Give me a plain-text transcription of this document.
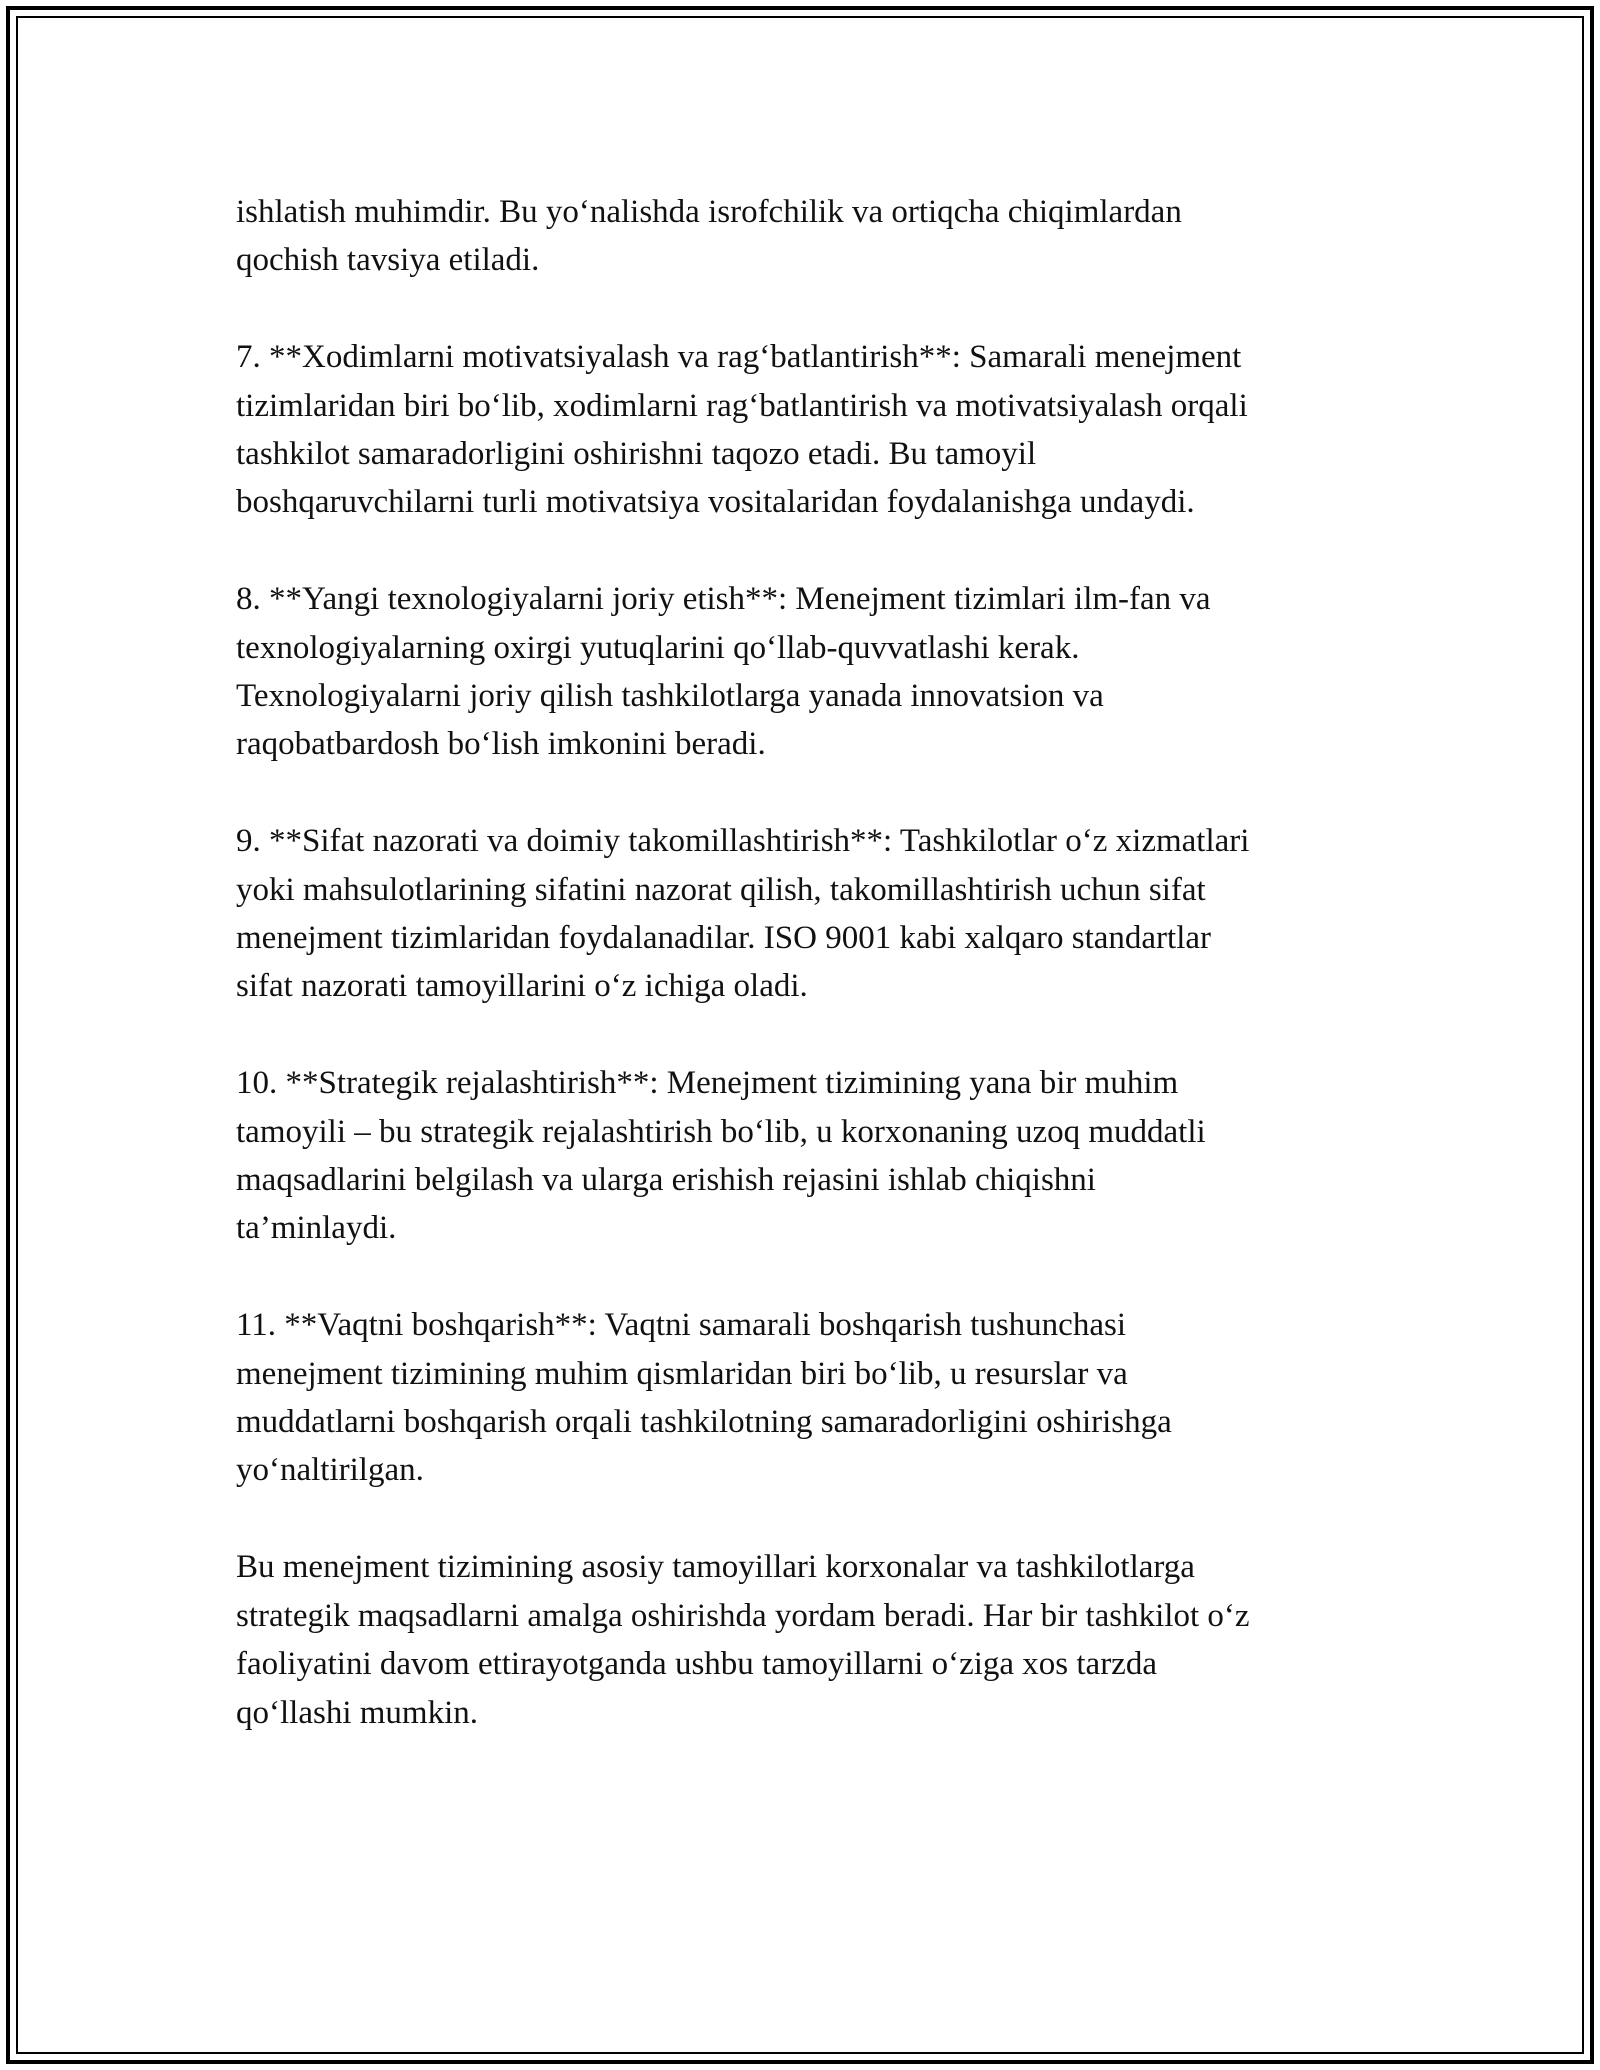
ishlatish muhimdir. Bu yo‘nalishda isrofchilik va ortiqcha chiqimlardan
qochish tavsiya etiladi.
7. **Xodimlarni motivatsiyalash va rag‘batlantirish**: Samarali menejment
tizimlaridan biri bo‘lib, xodimlarni rag‘batlantirish va motivatsiyalash orqali
tashkilot samaradorligini oshirishni taqozo etadi. Bu tamoyil
boshqaruvchilarni turli motivatsiya vositalaridan foydalanishga undaydi.
8. **Yangi texnologiyalarni joriy etish**: Menejment tizimlari ilm-fan va
texnologiyalarning oxirgi yutuqlarini qo‘llab-quvvatlashi kerak.
Texnologiyalarni joriy qilish tashkilotlarga yanada innovatsion va
raqobatbardosh bo‘lish imkonini beradi.
9. **Sifat nazorati va doimiy takomillashtirish**: Tashkilotlar o‘z xizmatlari
yoki mahsulotlarining sifatini nazorat qilish, takomillashtirish uchun sifat
menejment tizimlaridan foydalanadilar. ISO 9001 kabi xalqaro standartlar
sifat nazorati tamoyillarini o‘z ichiga oladi.
10. **Strategik rejalashtirish**: Menejment tizimining yana bir muhim
tamoyili – bu strategik rejalashtirish bo‘lib, u korxonaning uzoq muddatli
maqsadlarini belgilash va ularga erishish rejasini ishlab chiqishni
ta’minlaydi.
11. **Vaqtni boshqarish**: Vaqtni samarali boshqarish tushunchasi
menejment tizimining muhim qismlaridan biri bo‘lib, u resurslar va
muddatlarni boshqarish orqali tashkilotning samaradorligini oshirishga
yo‘naltirilgan.
Bu menejment tizimining asosiy tamoyillari korxonalar va tashkilotlarga
strategik maqsadlarni amalga oshirishda yordam beradi. Har bir tashkilot o‘z
faoliyatini davom ettirayotganda ushbu tamoyillarni o‘ziga xos tarzda
qo‘llashi mumkin.
